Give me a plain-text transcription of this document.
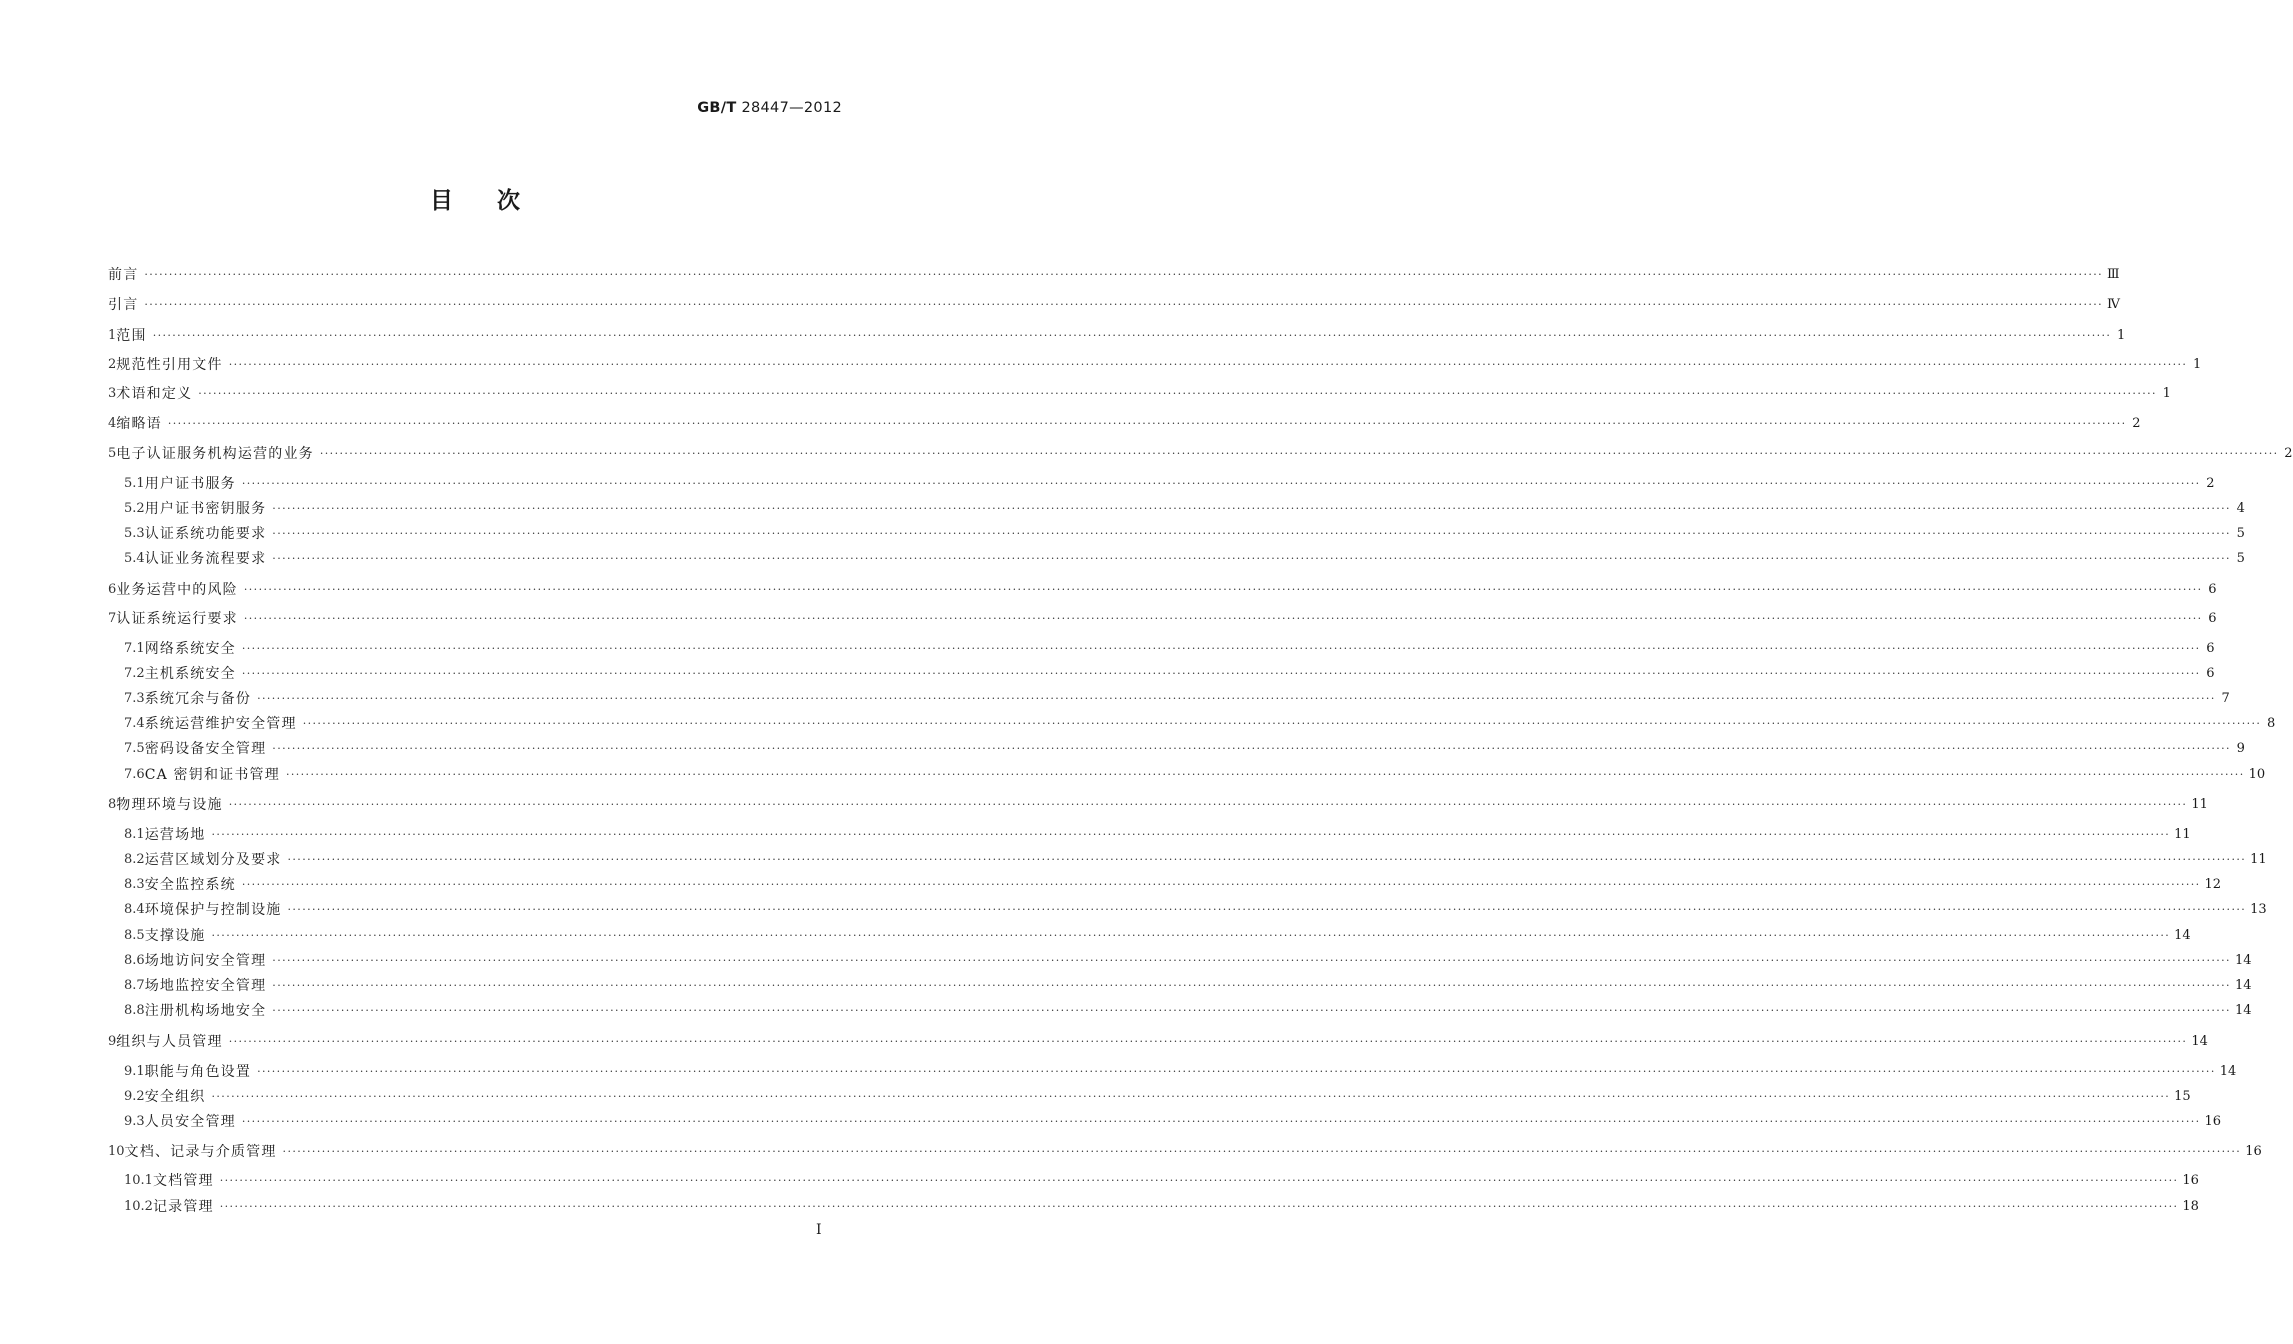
GB/T 28447—2012
目次
前言 ················································································································································································································································································································································································································ Ⅲ
引言 ················································································································································································································································································································································································································ Ⅳ
1 范围 ················································································································································································································································································································································································································ 1
2 规范性引用文件 ················································································································································································································································································································································································································ 1
3 术语和定义 ················································································································································································································································································································································································································ 1
4 缩略语 ················································································································································································································································································································································································································ 2
5 电子认证服务机构运营的业务 ················································································································································································································································································································································································································ 2
5.1 用户证书服务 ················································································································································································································································································································································································································ 2
5.2 用户证书密钥服务 ················································································································································································································································································································································································································ 4
5.3 认证系统功能要求 ················································································································································································································································································································································································································ 5
5.4 认证业务流程要求 ················································································································································································································································································································································································································ 5
6 业务运营中的风险 ················································································································································································································································································································································································································ 6
7 认证系统运行要求 ················································································································································································································································································································································································································ 6
7.1 网络系统安全 ················································································································································································································································································································································································································ 6
7.2 主机系统安全 ················································································································································································································································································································································································································ 6
7.3 系统冗余与备份 ················································································································································································································································································································································································································ 7
7.4 系统运营维护安全管理 ················································································································································································································································································································································································································ 8
7.5 密码设备安全管理 ················································································································································································································································································································································································································ 9
7.6 CA 密钥和证书管理 ················································································································································································································································································································································································································ 10
8 物理环境与设施 ················································································································································································································································································································································································································ 11
8.1 运营场地 ················································································································································································································································································································································································································ 11
8.2 运营区域划分及要求 ················································································································································································································································································································································································································ 11
8.3 安全监控系统 ················································································································································································································································································································································································································ 12
8.4 环境保护与控制设施 ················································································································································································································································································································································································································ 13
8.5 支撑设施 ················································································································································································································································································································································································································ 14
8.6 场地访问安全管理 ················································································································································································································································································································································································································ 14
8.7 场地监控安全管理 ················································································································································································································································································································································································································ 14
8.8 注册机构场地安全 ················································································································································································································································································································································································································ 14
9 组织与人员管理 ················································································································································································································································································································································································································ 14
9.1 职能与角色设置 ················································································································································································································································································································································································································ 14
9.2 安全组织 ················································································································································································································································································································································································································ 15
9.3 人员安全管理 ················································································································································································································································································································································································································ 16
10 文档、记录与介质管理 ················································································································································································································································································································································································································ 16
10.1 文档管理 ················································································································································································································································································································································································································ 16
10.2 记录管理 ················································································································································································································································································································································································································ 18
I
